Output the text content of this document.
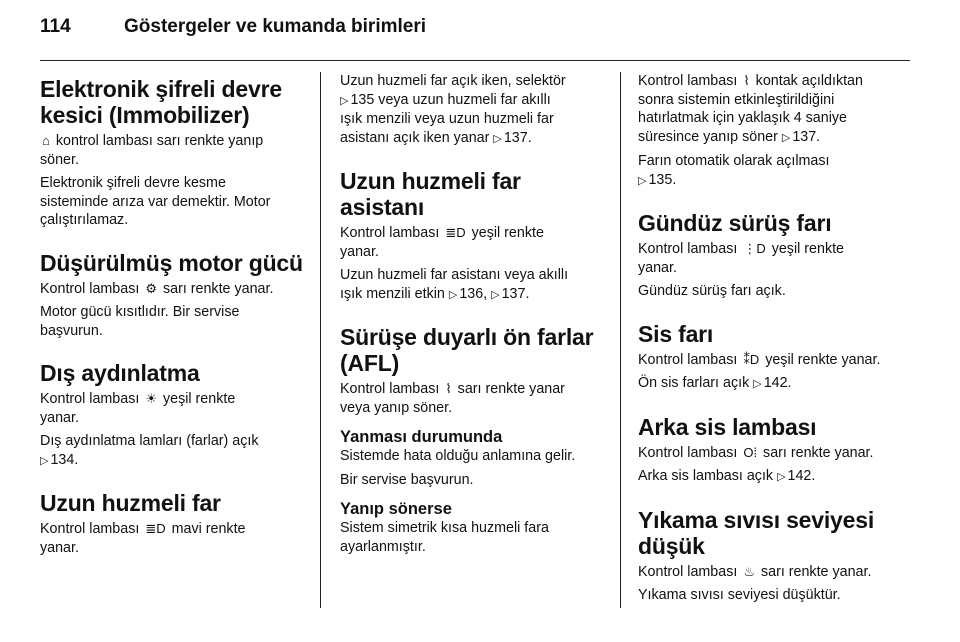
114	Göstergeler ve kumanda birimleri
Elektronik şifreli devre
kesici (Immobilizer)

⌂ kontrol lambası sarı renkte yanıp
söner.

Elektronik şifreli devre kesme
sisteminde arıza var demektir. Motor
çalıştırılamaz.

Düşürülmüş motor gücü

Kontrol lambası ⚙ sarı renkte yanar.

Motor gücü kısıtlıdır. Bir servise
başvurun.

Dış aydınlatma

Kontrol lambası ☀ yeşil renkte
yanar.

Dış aydınlatma lamları (farlar) açık
▷ 134.

Uzun huzmeli far

Kontrol lambası ≣D mavi renkte
yanar.

Uzun huzmeli far açık iken, selektör
▷ 135 veya uzun huzmeli far akıllı
ışık menzili veya uzun huzmeli far
asistanı açık iken yanar ▷ 137.

Uzun huzmeli far asistanı

Kontrol lambası ≣D yeşil renkte
yanar.

Uzun huzmeli far asistanı veya akıllı
ışık menzili etkin ▷ 136, ▷ 137.

Sürüşe duyarlı ön farlar
(AFL)

Kontrol lambası ⌇ sarı renkte yanar
veya yanıp söner.

Yanması durumunda

Sistemde hata olduğu anlamına gelir.

Bir servise başvurun.

Yanıp sönerse

Sistem simetrik kısa huzmeli fara
ayarlanmıştır.

Kontrol lambası ⌇ kontak açıldıktan
sonra sistemin etkinleştirildiğini
hatırlatmak için yaklaşık 4 saniye
süresince yanıp söner ▷ 137.

Farın otomatik olarak açılması
▷ 135.

Gündüz sürüş farı

Kontrol lambası ⋮D yeşil renkte
yanar.

Gündüz sürüş farı açık.

Sis farı

Kontrol lambası ⁑D yeşil renkte yanar.

Ön sis farları açık ▷ 142.

Arka sis lambası

Kontrol lambası O⁞ sarı renkte yanar.

Arka sis lambası açık ▷ 142.

Yıkama sıvısı seviyesi
düşük

Kontrol lambası ♨ sarı renkte yanar.

Yıkama sıvısı seviyesi düşüktür.
